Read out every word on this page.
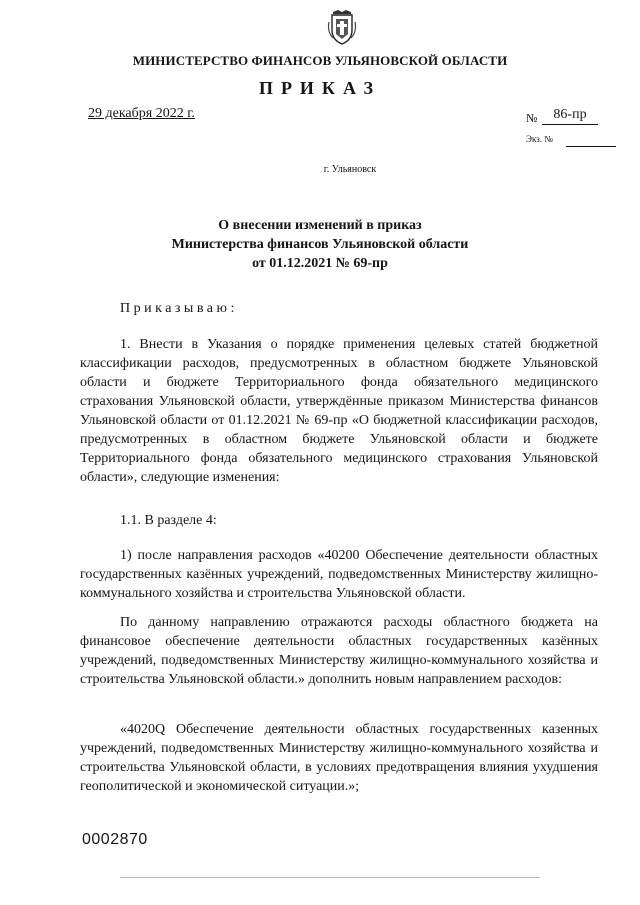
МИНИСТЕРСТВО ФИНАНСОВ УЛЬЯНОВСКОЙ ОБЛАСТИ
ПРИКАЗ
29 декабря 2022 г.	№	86-пр
Экз. №
г. Ульяновск
О внесении изменений в приказ
Министерства финансов Ульяновской области
от 01.12.2021 № 69-пр
Приказываю:

1. Внести в Указания о порядке применения целевых статей бюджетной классификации расходов, предусмотренных в областном бюджете Ульяновской области и бюджете Территориального фонда обязательного медицинского страхования Ульяновской области, утверждённые приказом Министерства финансов Ульяновской области от 01.12.2021 № 69-пр «О бюджетной классификации расходов, предусмотренных в областном бюджете Ульяновской области и бюджете Территориального фонда обязательного медицинского страхования Ульяновской области», следующие изменения:

1.1. В разделе 4:

1) после направления расходов «40200 Обеспечение деятельности областных государственных казённых учреждений, подведомственных Министерству жилищно-коммунального хозяйства и строительства Ульяновской области.

По данному направлению отражаются расходы областного бюджета на финансовое обеспечение деятельности областных государственных казённых учреждений, подведомственных Министерству жилищно-коммунального хозяйства и строительства Ульяновской области.» дополнить новым направлением расходов:

«4020Q Обеспечение деятельности областных государственных казенных учреждений, подведомственных Министерству жилищно-коммунального хозяйства и строительства Ульяновской области, в условиях предотвращения влияния ухудшения геополитической и экономической ситуации.»;

0002870
